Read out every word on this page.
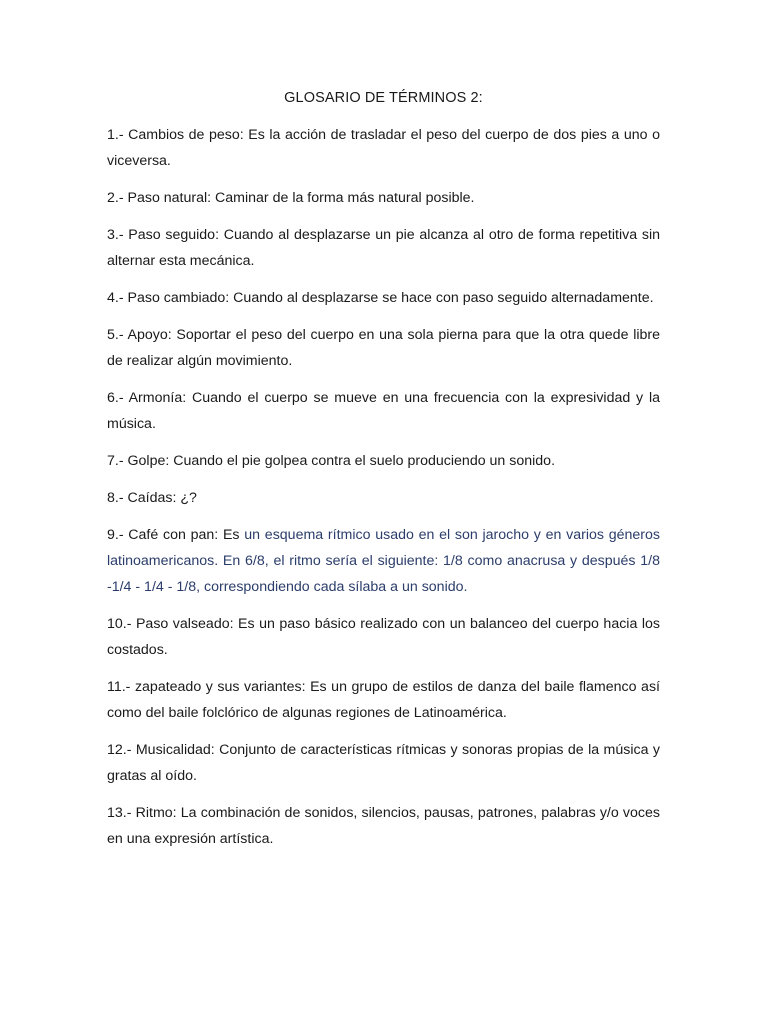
GLOSARIO DE TÉRMINOS 2:

1.- Cambios de peso: Es la acción de trasladar el peso del cuerpo de dos pies a uno o viceversa.

2.- Paso natural: Caminar de la forma más natural posible.

3.- Paso seguido: Cuando al desplazarse un pie alcanza al otro de forma repetitiva sin alternar esta mecánica.

4.- Paso cambiado: Cuando al desplazarse se hace con paso seguido alternadamente.

5.- Apoyo: Soportar el peso del cuerpo en una sola pierna para que la otra quede libre de realizar algún movimiento.

6.- Armonía: Cuando el cuerpo se mueve en una frecuencia con la expresividad y la música.

7.- Golpe: Cuando el pie golpea contra el suelo produciendo un sonido.

8.- Caídas: ¿?

9.- Café con pan: Es un esquema rítmico usado en el son jarocho y en varios géneros latinoamericanos. En 6/8, el ritmo sería el siguiente: 1/8 como anacrusa y después 1/8 -1/4 - 1/4 - 1/8, correspondiendo cada sílaba a un sonido.

10.- Paso valseado: Es un paso básico realizado con un balanceo del cuerpo hacia los costados.

11.- zapateado y sus variantes: Es un grupo de estilos de danza del baile flamenco así como del baile folclórico de algunas regiones de Latinoamérica.

12.- Musicalidad: Conjunto de características rítmicas y sonoras propias de la música y gratas al oído.

13.- Ritmo: La combinación de sonidos, silencios, pausas, patrones, palabras y/o voces en una expresión artística.
